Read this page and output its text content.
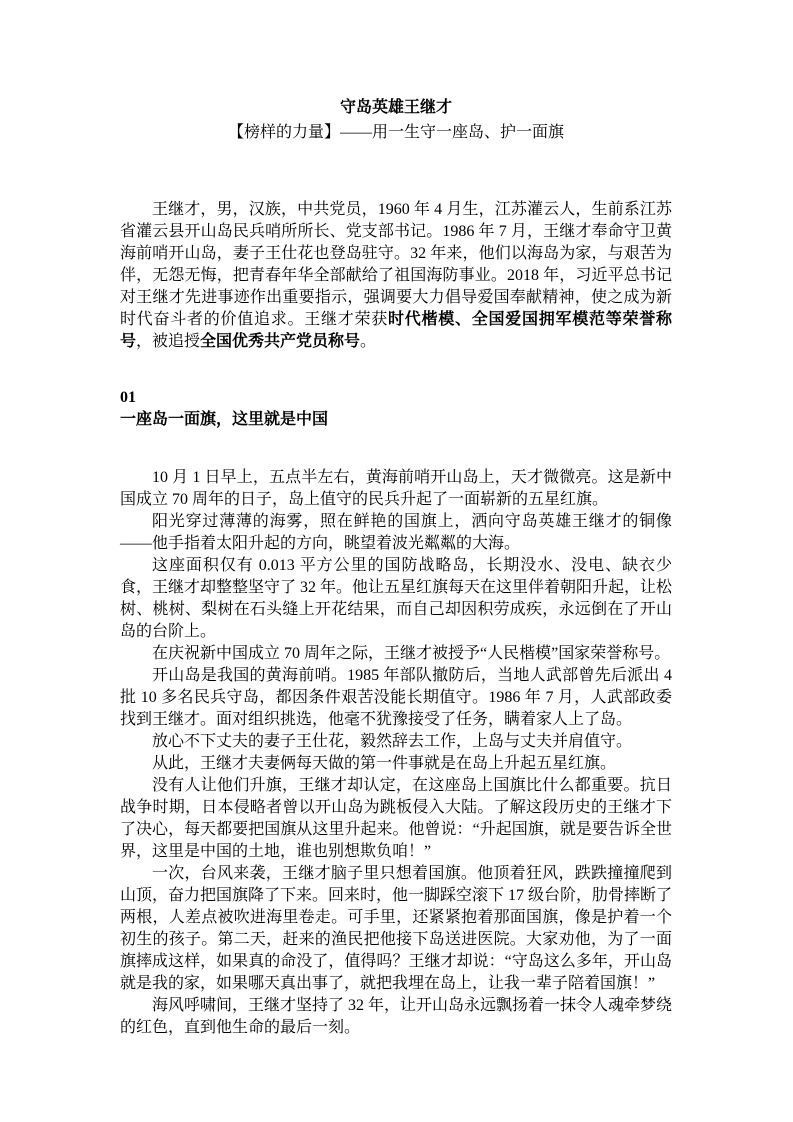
守岛英雄王继才
【榜样的力量】——用一生守一座岛、护一面旗

王继才，男，汉族，中共党员，1960 年 4 月生，江苏灌云人，生前系江苏省灌云县开山岛民兵哨所所长、党支部书记。1986 年 7 月，王继才奉命守卫黄海前哨开山岛，妻子王仕花也登岛驻守。32 年来，他们以海岛为家，与艰苦为伴，无怨无悔，把青春年华全部献给了祖国海防事业。2018 年，习近平总书记对王继才先进事迹作出重要指示，强调要大力倡导爱国奉献精神，使之成为新时代奋斗者的价值追求。王继才荣获时代楷模、全国爱国拥军模范等荣誉称号，被追授全国优秀共产党员称号。

01
一座岛一面旗，这里就是中国

10 月 1 日早上，五点半左右，黄海前哨开山岛上，天才微微亮。这是新中国成立 70 周年的日子，岛上值守的民兵升起了一面崭新的五星红旗。

阳光穿过薄薄的海雾，照在鲜艳的国旗上，洒向守岛英雄王继才的铜像——他手指着太阳升起的方向，眺望着波光粼粼的大海。

这座面积仅有 0.013 平方公里的国防战略岛，长期没水、没电、缺衣少食，王继才却整整坚守了 32 年。他让五星红旗每天在这里伴着朝阳升起，让松树、桃树、梨树在石头缝上开花结果，而自己却因积劳成疾，永远倒在了开山岛的台阶上。

在庆祝新中国成立 70 周年之际，王继才被授予“人民楷模”国家荣誉称号。

开山岛是我国的黄海前哨。1985 年部队撤防后，当地人武部曾先后派出 4 批 10 多名民兵守岛，都因条件艰苦没能长期值守。1986 年 7 月，人武部政委找到王继才。面对组织挑选，他毫不犹豫接受了任务，瞒着家人上了岛。

放心不下丈夫的妻子王仕花，毅然辞去工作，上岛与丈夫并肩值守。

从此，王继才夫妻俩每天做的第一件事就是在岛上升起五星红旗。

没有人让他们升旗，王继才却认定，在这座岛上国旗比什么都重要。抗日战争时期，日本侵略者曾以开山岛为跳板侵入大陆。了解这段历史的王继才下了决心，每天都要把国旗从这里升起来。他曾说：“升起国旗，就是要告诉全世界，这里是中国的土地，谁也别想欺负咱！”

一次，台风来袭，王继才脑子里只想着国旗。他顶着狂风，跌跌撞撞爬到山顶，奋力把国旗降了下来。回来时，他一脚踩空滚下 17 级台阶，肋骨摔断了两根，人差点被吹进海里卷走。可手里，还紧紧抱着那面国旗，像是护着一个初生的孩子。第二天，赶来的渔民把他接下岛送进医院。大家劝他，为了一面旗摔成这样，如果真的命没了，值得吗？王继才却说：“守岛这么多年，开山岛就是我的家，如果哪天真出事了，就把我埋在岛上，让我一辈子陪着国旗！”

海风呼啸间，王继才坚持了 32 年，让开山岛永远飘扬着一抹令人魂牵梦绕的红色，直到他生命的最后一刻。
